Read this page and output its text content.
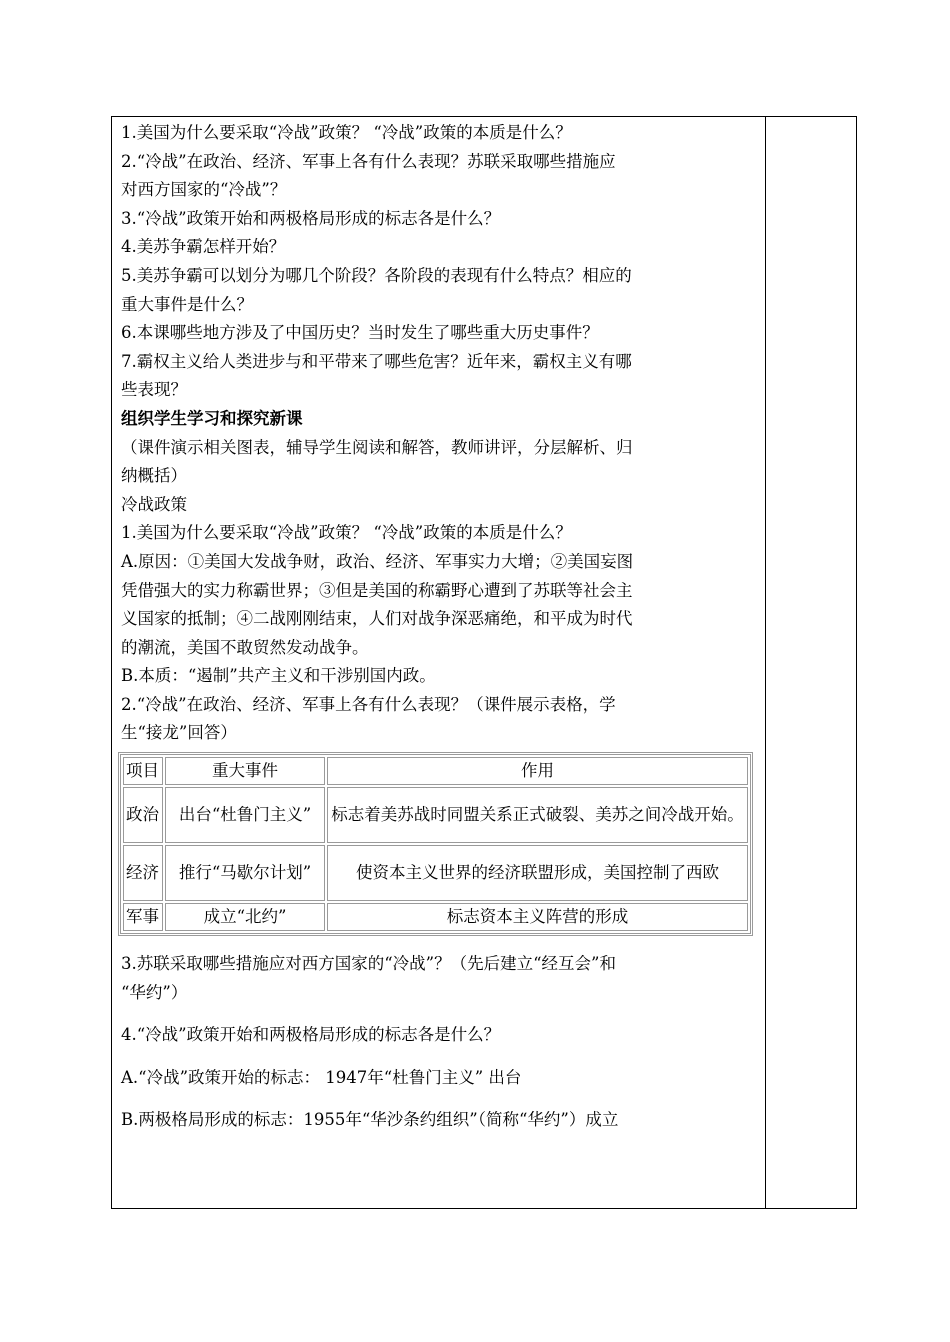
1.美国为什么要采取“冷战”政策？ “冷战”政策的本质是什么？
2.“冷战”在政治、经济、军事上各有什么表现？苏联采取哪些措施应
对西方国家的“冷战”？
3.“冷战”政策开始和两极格局形成的标志各是什么？
4.美苏争霸怎样开始？
5.美苏争霸可以划分为哪几个阶段？各阶段的表现有什么特点？相应的
重大事件是什么？
6.本课哪些地方涉及了中国历史？当时发生了哪些重大历史事件？
7.霸权主义给人类进步与和平带来了哪些危害？近年来，霸权主义有哪
些表现？
组织学生学习和探究新课
（课件演示相关图表，辅导学生阅读和解答，教师讲评，分层解析、归
纳概括）
冷战政策
1.美国为什么要采取“冷战”政策？ “冷战”政策的本质是什么？
A.原因：①美国大发战争财，政治、经济、军事实力大增；②美国妄图
凭借强大的实力称霸世界；③但是美国的称霸野心遭到了苏联等社会主
义国家的抵制；④二战刚刚结束，人们对战争深恶痛绝，和平成为时代
的潮流，美国不敢贸然发动战争。
B.本质：“遏制”共产主义和干涉别国内政。
2.“冷战”在政治、经济、军事上各有什么表现？（课件展示表格，学
生“接龙”回答）
项目	重大事件	作用
政治	出台“杜鲁门主义”	标志着美苏战时同盟关系正式破裂、美苏之间冷战开始。
经济	推行“马歇尔计划”	使资本主义世界的经济联盟形成，美国控制了西欧
军事	成立“北约”	标志资本主义阵营的形成
3.苏联采取哪些措施应对西方国家的“冷战”？（先后建立“经互会”和
“华约”）
4.“冷战”政策开始和两极格局形成的标志各是什么？
A.“冷战”政策开始的标志： 1947年“杜鲁门主义” 出台
B.两极格局形成的标志：1955年“华沙条约组织”（简称“华约”）成立
